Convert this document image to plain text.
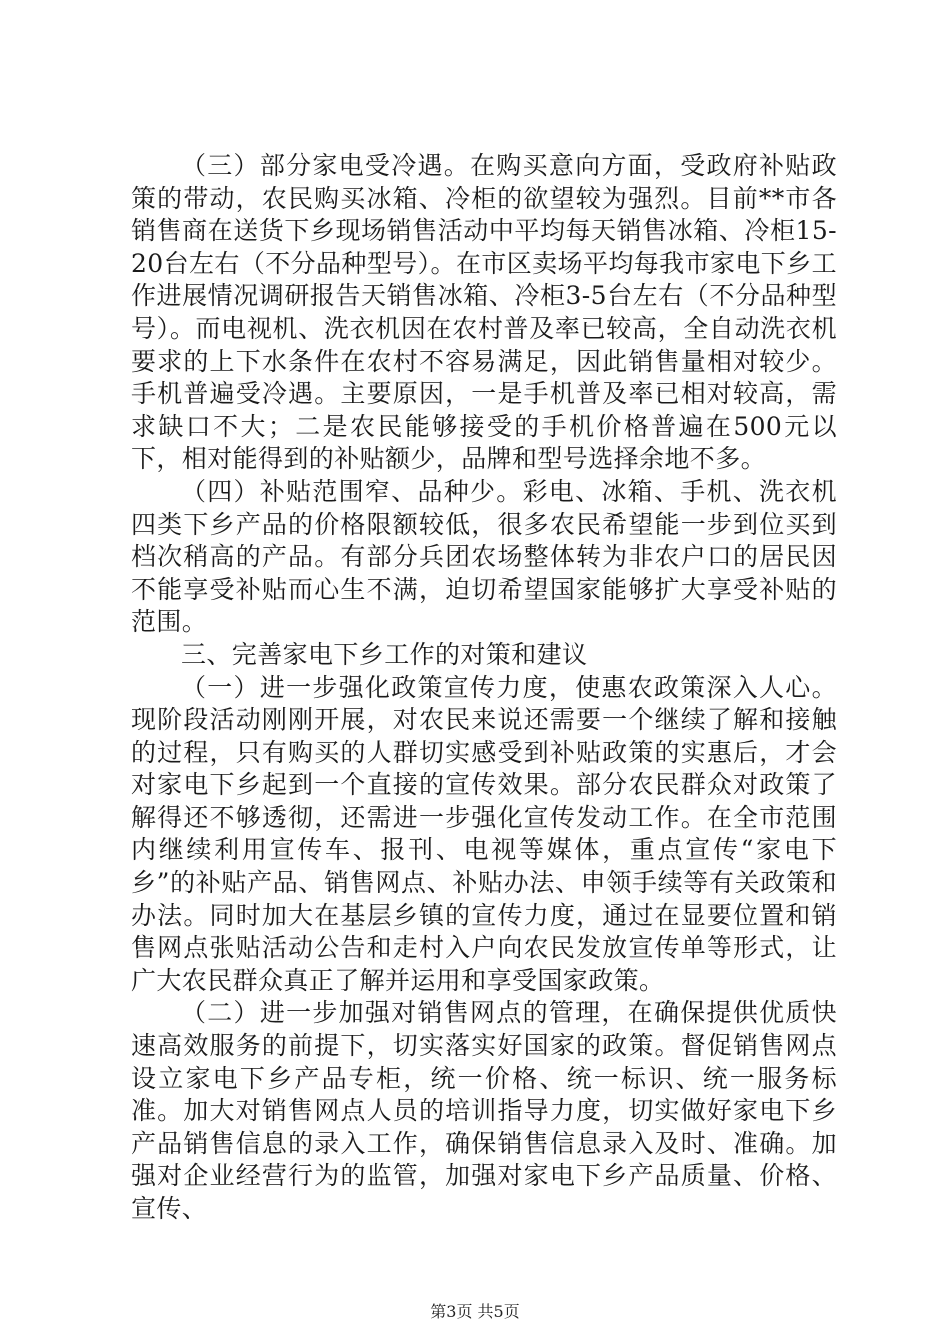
（三）部分家电受冷遇。在购买意向方面，受政府补贴政策的带动，农民购买冰箱、冷柜的欲望较为强烈。目前**市各销售商在送货下乡现场销售活动中平均每天销售冰箱、冷柜15-20台左右（不分品种型号）。在市区卖场平均每我市家电下乡工作进展情况调研报告天销售冰箱、冷柜3-5台左右（不分品种型号）。而电视机、洗衣机因在农村普及率已较高，全自动洗衣机要求的上下水条件在农村不容易满足，因此销售量相对较少。手机普遍受冷遇。主要原因，一是手机普及率已相对较高，需求缺口不大；二是农民能够接受的手机价格普遍在500元以下，相对能得到的补贴额少，品牌和型号选择余地不多。

（四）补贴范围窄、品种少。彩电、冰箱、手机、洗衣机四类下乡产品的价格限额较低，很多农民希望能一步到位买到档次稍高的产品。有部分兵团农场整体转为非农户口的居民因不能享受补贴而心生不满，迫切希望国家能够扩大享受补贴的范围。

三、完善家电下乡工作的对策和建议

（一）进一步强化政策宣传力度，使惠农政策深入人心。现阶段活动刚刚开展，对农民来说还需要一个继续了解和接触的过程，只有购买的人群切实感受到补贴政策的实惠后，才会对家电下乡起到一个直接的宣传效果。部分农民群众对政策了解得还不够透彻，还需进一步强化宣传发动工作。在全市范围内继续利用宣传车、报刊、电视等媒体，重点宣传“家电下乡”的补贴产品、销售网点、补贴办法、申领手续等有关政策和办法。同时加大在基层乡镇的宣传力度，通过在显要位置和销售网点张贴活动公告和走村入户向农民发放宣传单等形式，让广大农民群众真正了解并运用和享受国家政策。

（二）进一步加强对销售网点的管理，在确保提供优质快速高效服务的前提下，切实落实好国家的政策。督促销售网点设立家电下乡产品专柜，统一价格、统一标识、统一服务标准。加大对销售网点人员的培训指导力度，切实做好家电下乡产品销售信息的录入工作，确保销售信息录入及时、准确。加强对企业经营行为的监管，加强对家电下乡产品质量、价格、宣传、

第3页 共5页
